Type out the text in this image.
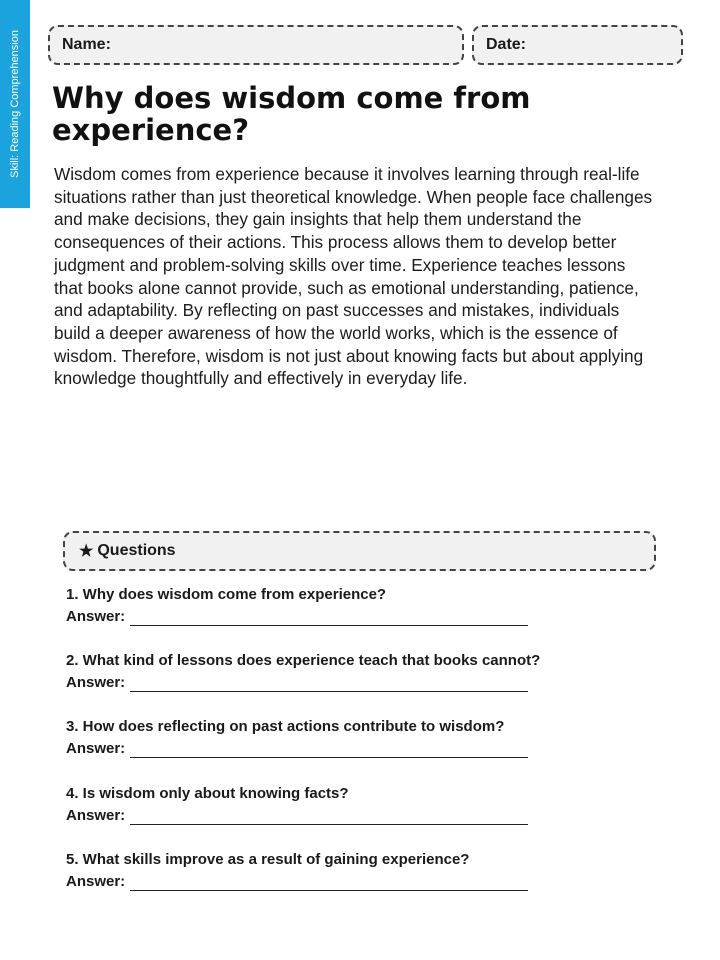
Skill: Reading Comprehension	Name:	Date:
Why does wisdom come from experience?

Wisdom comes from experience because it involves learning through real-life situations rather than just theoretical knowledge. When people face challenges and make decisions, they gain insights that help them understand the consequences of their actions. This process allows them to develop better judgment and problem-solving skills over time. Experience teaches lessons that books alone cannot provide, such as emotional understanding, patience, and adaptability. By reflecting on past successes and mistakes, individuals build a deeper awareness of how the world works, which is the essence of wisdom. Therefore, wisdom is not just about knowing facts but about applying knowledge thoughtfully and effectively in everyday life.

★ Questions
1. Why does wisdom come from experience?
Answer:
2. What kind of lessons does experience teach that books cannot?
Answer:
3. How does reflecting on past actions contribute to wisdom?
Answer:
4. Is wisdom only about knowing facts?
Answer:
5. What skills improve as a result of gaining experience?
Answer:
